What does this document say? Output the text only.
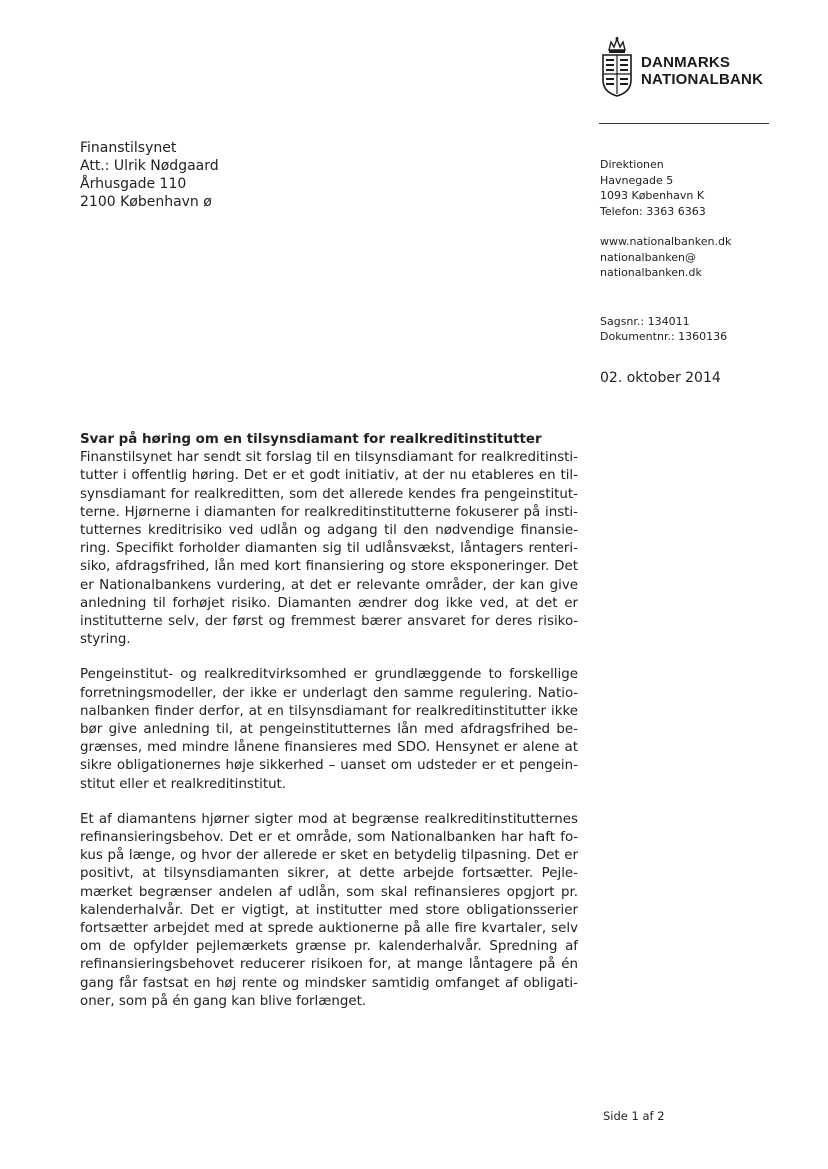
DANMARKS
NATIONALBANK
Finanstilsynet
Att.: Ulrik Nødgaard
Århusgade 110
2100 København ø
Direktionen
Havnegade 5
1093 København K
Telefon: 3363 6363
www.nationalbanken.dk
nationalbanken@
nationalbanken.dk
Sagsnr.: 134011
Dokumentnr.: 1360136
02. oktober 2014
Svar på høring om en tilsynsdiamant for realkreditinstitutter
Finanstilsynet har sendt sit forslag til en tilsynsdiamant for realkreditinstitutter i offentlig høring. Det er et godt initiativ, at der nu etableres en tilsynsdiamant for realkreditten, som det allerede kendes fra pengeinstitutterne. Hjørnerne i diamanten for realkreditinstitutterne fokuserer på institutternes kreditrisiko ved udlån og adgang til den nødvendige finansiering. Specifikt forholder diamanten sig til udlånsvækst, låntagers renterisiko, afdragsfrihed, lån med kort finansiering og store eksponeringer. Det er Nationalbankens vurdering, at det er relevante områder, der kan give anledning til forhøjet risiko. Diamanten ændrer dog ikke ved, at det er institutterne selv, der først og fremmest bærer ansvaret for deres risikostyring.
Pengeinstitut- og realkreditvirksomhed er grundlæggende to forskellige forretningsmodeller, der ikke er underlagt den samme regulering. Nationalbanken finder derfor, at en tilsynsdiamant for realkreditinstitutter ikke bør give anledning til, at pengeinstitutternes lån med afdragsfrihed begrænses, med mindre lånene finansieres med SDO. Hensynet er alene at sikre obligationernes høje sikkerhed – uanset om udsteder er et pengeinstitut eller et realkreditinstitut.
Et af diamantens hjørner sigter mod at begrænse realkreditinstitutternes refinansieringsbehov. Det er et område, som Nationalbanken har haft fokus på længe, og hvor der allerede er sket en betydelig tilpasning. Det er positivt, at tilsynsdiamanten sikrer, at dette arbejde fortsætter. Pejlemærket begrænser andelen af udlån, som skal refinansieres opgjort pr. kalenderhalvår. Det er vigtigt, at institutter med store obligationsserier fortsætter arbejdet med at sprede auktionerne på alle fire kvartaler, selv om de opfylder pejlemærkets grænse pr. kalenderhalvår. Spredning af refinansieringsbehovet reducerer risikoen for, at mange låntagere på én gang får fastsat en høj rente og mindsker samtidig omfanget af obligationer, som på én gang kan blive forlænget.
Side 1 af 2
